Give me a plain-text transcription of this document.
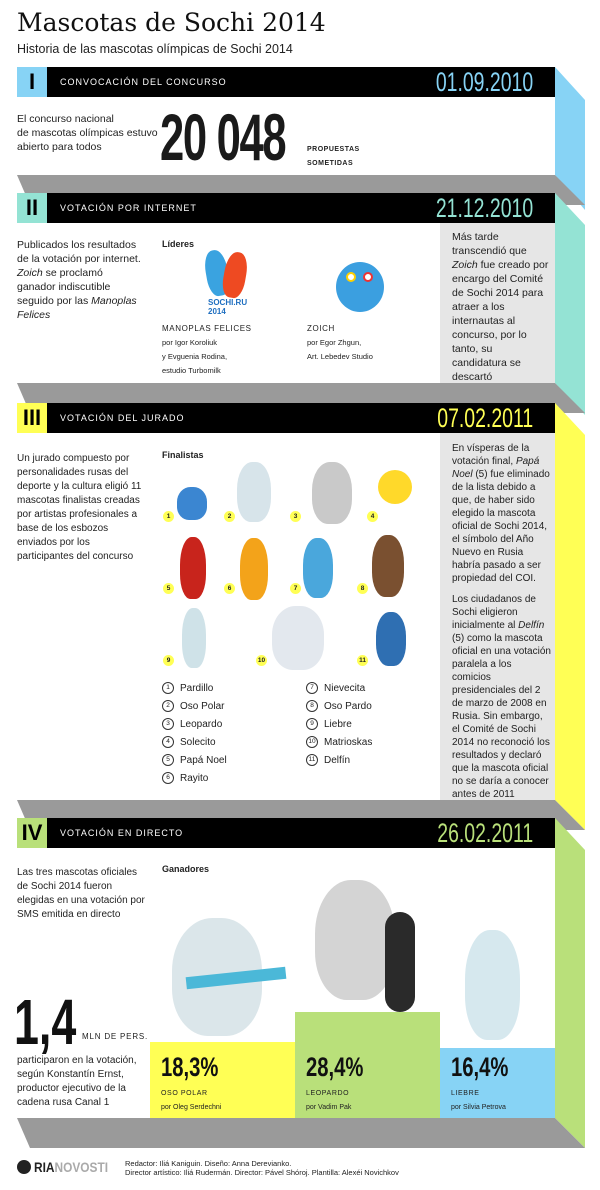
Mascotas de Sochi 2014
Historia de las mascotas olímpicas de Sochi 2014
I	CONVOCACIÓN DEL CONCURSO	01.09.2010
El concurso nacional
de mascotas olímpicas estuvo
abierto para todos 20 048	PROPUESTAS
SOMETIDAS
II	VOTACIÓN POR INTERNET	21.12.2010
Publicados los resultados de la votación por internet. Zoich se proclamó ganador indiscutible seguido por las Manoplas Felices
Líderes
SOCHI.RU 2014
MANOPLAS FELICES
por Igor Koroliuk
y Evguenia Rodina,
estudio Turbomilk
ZOICH
por Egor Zhgun,
Art. Lebedev Studio
Más tarde transcendió que Zoich fue creado por encargo del Comité de Sochi 2014 para atraer a los internautas al concurso, por lo tanto, su candidatura se descartó
III	VOTACIÓN DEL JURADO	07.02.2011
Un jurado compuesto por personalidades rusas del deporte y la cultura eligió 11 mascotas finalistas creadas por artistas profesionales a base de los esbozos enviados por los participantes del concurso
Finalistas
1	2	3	4
5	6	7	8
9	10	11
1 Pardillo
2 Oso Polar
3 Leopardo
4 Solecito
5 Papá Noel
6 Rayito
7 Nievecita
8 Oso Pardo
9 Liebre
10 Matrioskas
11 Delfín

En vísperas de la votación final, Papá Noel (5) fue eliminado de la lista debido a que, de haber sido elegido la mascota oficial de Sochi 2014, el símbolo del Año Nuevo en Rusia habría pasado a ser propiedad del COI.

Los ciudadanos de Sochi eligieron inicialmente al Delfín (5) como la mascota oficial en una votación paralela a los comicios presidenciales del 2 de marzo de 2008 en Rusia. Sin embargo, el Comité de Sochi 2014 no reconoció los resultados y declaró que la mascota oficial no se daría a conocer antes de 2011

IV	VOTACIÓN EN DIRECTO	26.02.2011
Las tres mascotas oficiales de Sochi 2014 fueron elegidas en una votación por SMS emitida en directo
Ganadores
1,4 MLN DE PERS.
participaron en la votación, según Konstantín Ernst, productor ejecutivo de la cadena rusa Canal 1
18,3%
OSO POLAR
por Oleg Serdechni
28,4%
LEOPARDO
por Vadim Pak
16,4%
LIEBRE
por Silvia Petrova
RIANOVOSTI Redactor: Iliá Kaniguin. Diseño: Anna Derevianko.
Director artístico: Iliá Rudermán. Director: Pável Shóroj. Plantilla: Alexéi Novichkov
